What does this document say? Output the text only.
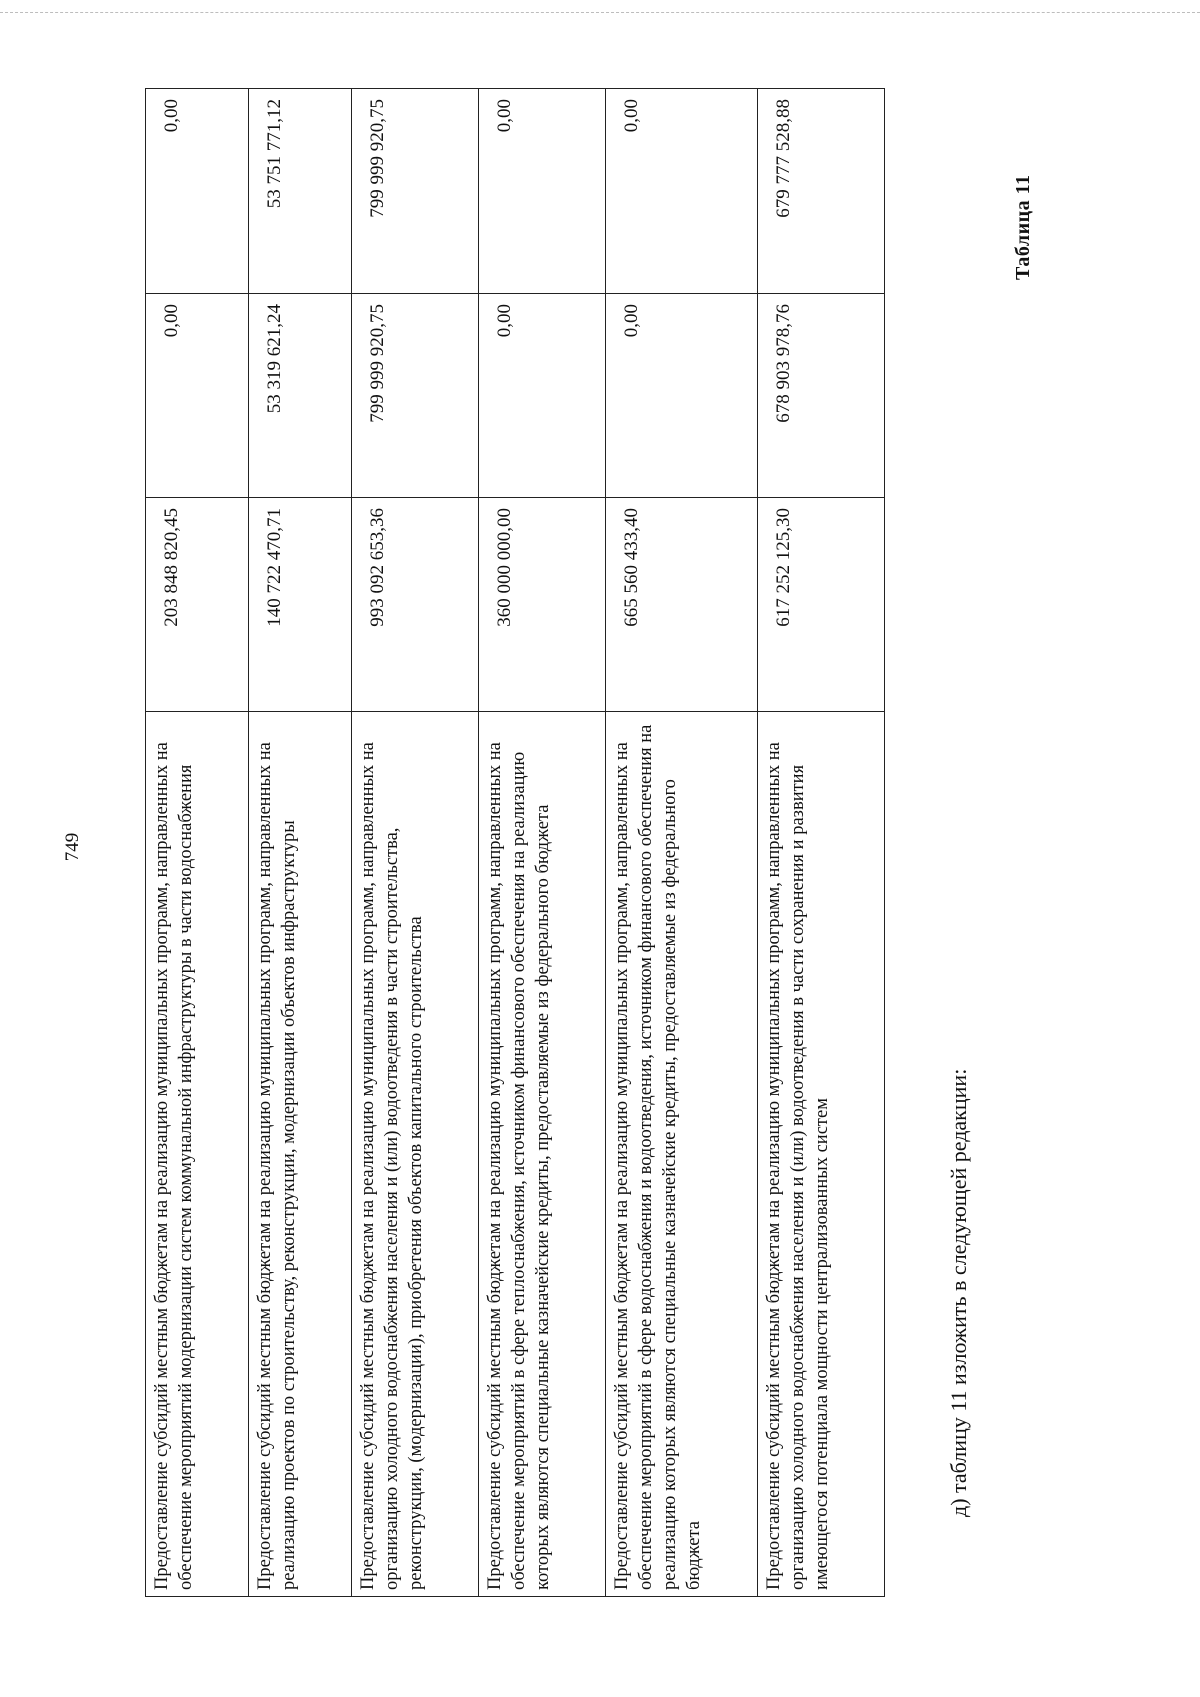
749	Предоставление субсидий местным бюджетам на реализацию муниципальных программ, направленных на обеспечение мероприятий модернизации систем коммунальной инфраструктуры в части водоснабжения	203 848 820,45	0,00	0,00
Предоставление субсидий местным бюджетам на реализацию муниципальных программ, направленных на реализацию проектов по строительству, реконструкции, модернизации объектов инфраструктуры	140 722 470,71	53 319 621,24	53 751 771,12
Предоставление субсидий местным бюджетам на реализацию муниципальных программ, направленных на организацию холодного водоснабжения населения и (или) водоотведения в части строительства, реконструкции, (модернизации), приобретения объектов капитального строительства	993 092 653,36	799 999 920,75	799 999 920,75
Предоставление субсидий местным бюджетам на реализацию муниципальных программ, направленных на обеспечение мероприятий в сфере теплоснабжения, источником финансового обеспечения на реализацию которых являются специальные казначейские кредиты, предоставляемые из федерального бюджета	360 000 000,00	0,00	0,00
Предоставление субсидий местным бюджетам на реализацию муниципальных программ, направленных на обеспечение мероприятий в сфере водоснабжения и водоотведения, источником финансового обеспечения на реализацию которых являются специальные казначейские кредиты, предоставляемые из федерального бюджета	665 560 433,40	0,00	0,00
Предоставление субсидий местным бюджетам на реализацию муниципальных программ, направленных на организацию холодного водоснабжения населения и (или) водоотведения в части сохранения и развития имеющегося потенциала мощности централизованных систем	617 252 125,30	678 903 978,76	679 777 528,88
д) таблицу 11 изложить в следующей редакции:
Таблица 11
